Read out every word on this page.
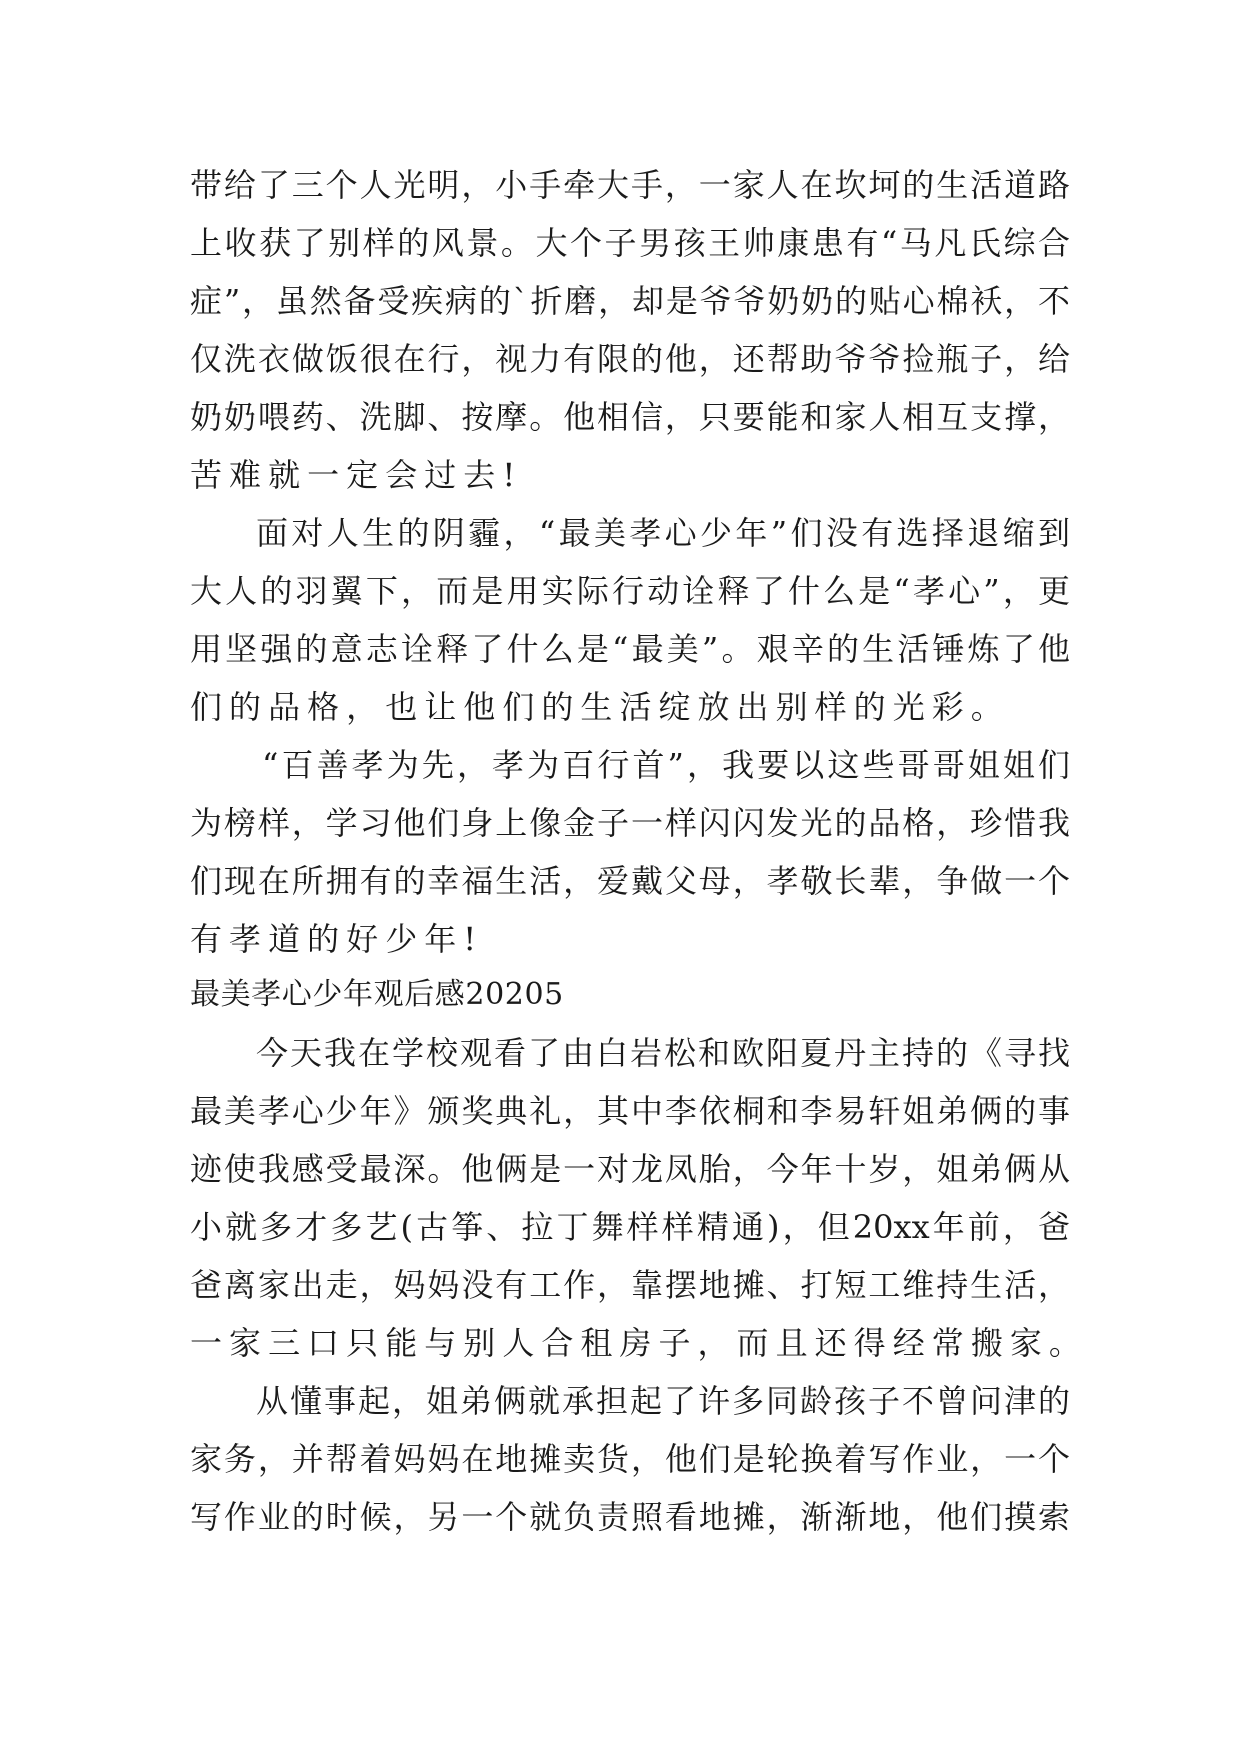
带给了三个人光明，小手牵大手，一家人在坎坷的生活道路
上收获了别样的风景。大个子男孩王帅康患有“马凡氏综合
症”，虽然备受疾病的`折磨，却是爷爷奶奶的贴心棉袄，不
仅洗衣做饭很在行，视力有限的他，还帮助爷爷捡瓶子，给
奶奶喂药、洗脚、按摩。他相信，只要能和家人相互支撑，
苦难就一定会过去!
面对人生的阴霾，“最美孝心少年”们没有选择退缩到
大人的羽翼下，而是用实际行动诠释了什么是“孝心”，更
用坚强的意志诠释了什么是“最美”。艰辛的生活锤炼了他
们的品格，也让他们的生活绽放出别样的光彩。
“百善孝为先，孝为百行首”，我要以这些哥哥姐姐们
为榜样，学习他们身上像金子一样闪闪发光的品格，珍惜我
们现在所拥有的幸福生活，爱戴父母，孝敬长辈，争做一个
有孝道的好少年!
最美孝心少年观后感20205
今天我在学校观看了由白岩松和欧阳夏丹主持的《寻找
最美孝心少年》颁奖典礼，其中李依桐和李易轩姐弟俩的事
迹使我感受最深。他俩是一对龙凤胎，今年十岁，姐弟俩从
小就多才多艺(古筝、拉丁舞样样精通)，但20xx年前，爸
爸离家出走，妈妈没有工作，靠摆地摊、打短工维持生活，
一家三口只能与别人合租房子，而且还得经常搬家。
从懂事起，姐弟俩就承担起了许多同龄孩子不曾问津的
家务，并帮着妈妈在地摊卖货，他们是轮换着写作业，一个
写作业的时候，另一个就负责照看地摊，渐渐地，他们摸索
